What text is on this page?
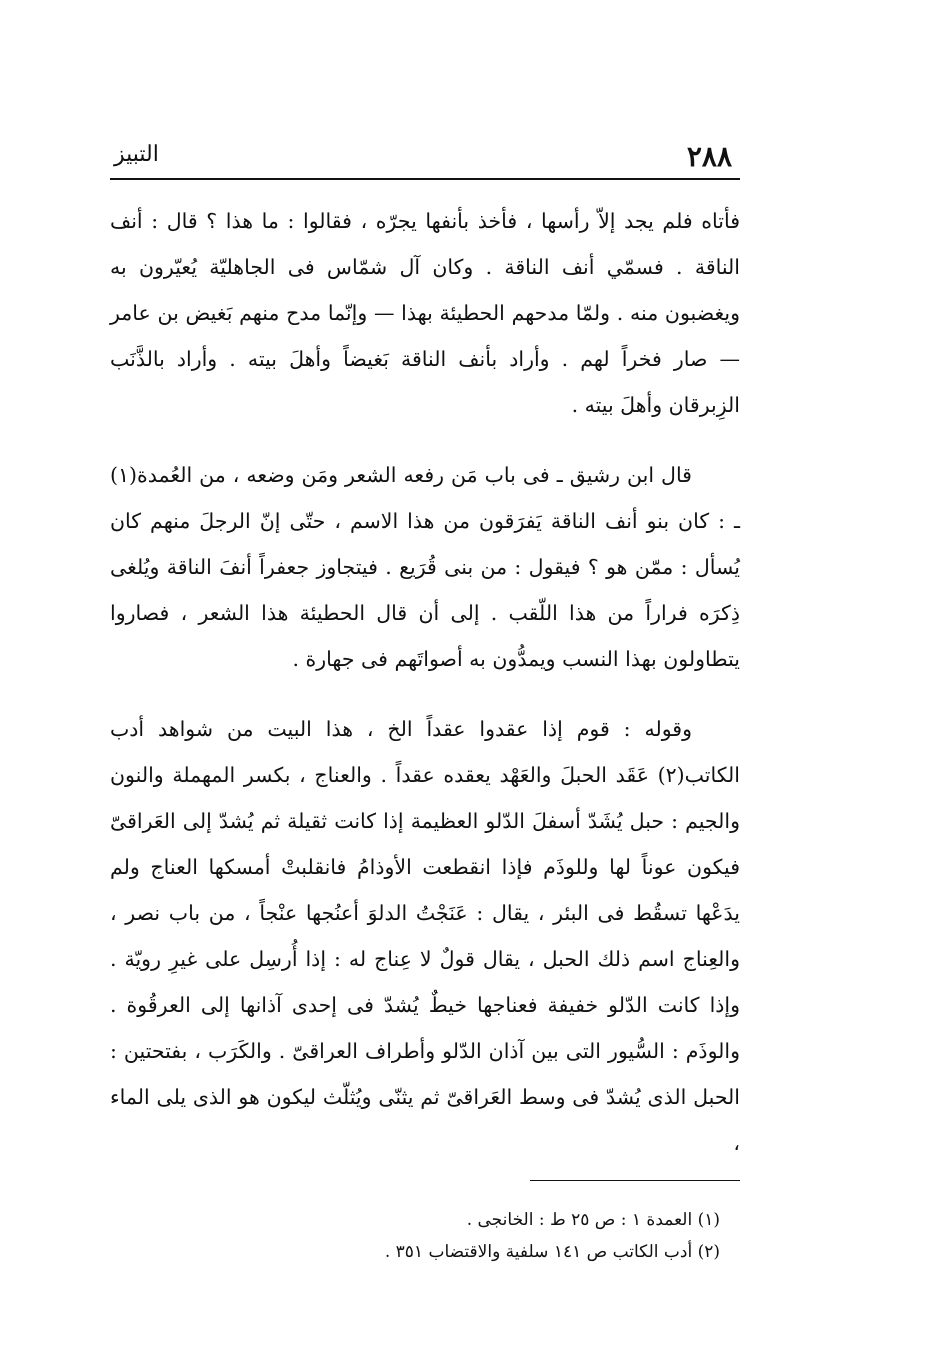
٢٨٨
التبيز

فأتاه فلم يجد إلاّ رأسها ، فأخذ بأنفها يجرّه ، فقالوا : ما هذا ؟ قال : أنف الناقة . فسمّي أنف الناقة . وكان آل شمّاس فى الجاهليّة يُعيّرون به ويغضبون منه . ولمّا مدحهم الحطيئة بهذا — وإنّما مدح منهم بَغيض بن عامر — صار فخراً لهم . وأراد بأنف الناقة بَغيضاً وأهلَ بيته . وأراد بالذَّنَب الزِبرقان وأهلَ بيته .

قال ابن رشيق ـ فى باب مَن رفعه الشعر ومَن وضعه ، من العُمدة(١) ـ : كان بنو أنف الناقة يَفرَقون من هذا الاسم ، حتّى إنّ الرجلَ منهم كان يُسأل : ممّن هو ؟ فيقول : من بنى قُرَيع . فيتجاوز جعفراً أنفَ الناقة ويُلغى ذِكرَه فراراً من هذا اللّقب . إلى أن قال الحطيئة هذا الشعر ، فصاروا يتطاولون بهذا النسب ويمدُّون به أصواتَهم فى جهارة .

وقوله : قوم إذا عقدوا عقداً الخ ، هذا البيت من شواهد أدب الكاتب(٢) عَقَد الحبلَ والعَهْد يعقده عقداً . والعناج ، بكسر المهملة والنون والجيم : حبل يُشَدّ أسفلَ الدّلو العظيمة إذا كانت ثقيلة ثم يُشدّ إلى العَراقىّ فيكون عوناً لها وللوذَم فإذا انقطعت الأوذامُ فانقلبتْ أمسكها العناج ولم يدَعْها تسقُط فى البئر ، يقال : عَنَجْتُ الدلوَ أعنُجها عنْجاً ، من باب نصر ، والعِناج اسم ذلك الحبل ، يقال قولٌ لا عِناج له : إذا أُرسِل على غيرِ رويّة . وإذا كانت الدّلو خفيفة فعناجها خيطٌ يُشدّ فى إحدى آذانها إلى العرقُوة . والوذَم : السُّيور التى بين آذان الدّلو وأطراف العراقىّ . والكَرَب ، بفتحتين : الحبل الذى يُشدّ فى وسط العَراقىّ ثم يثنّى ويُثلّث ليكون هو الذى يلى الماء ،

(١) العمدة ١ : ص ٢٥ ط : الخانجى .

(٢) أدب الكاتب ص ١٤١ سلفية والاقتضاب ٣٥١ .
